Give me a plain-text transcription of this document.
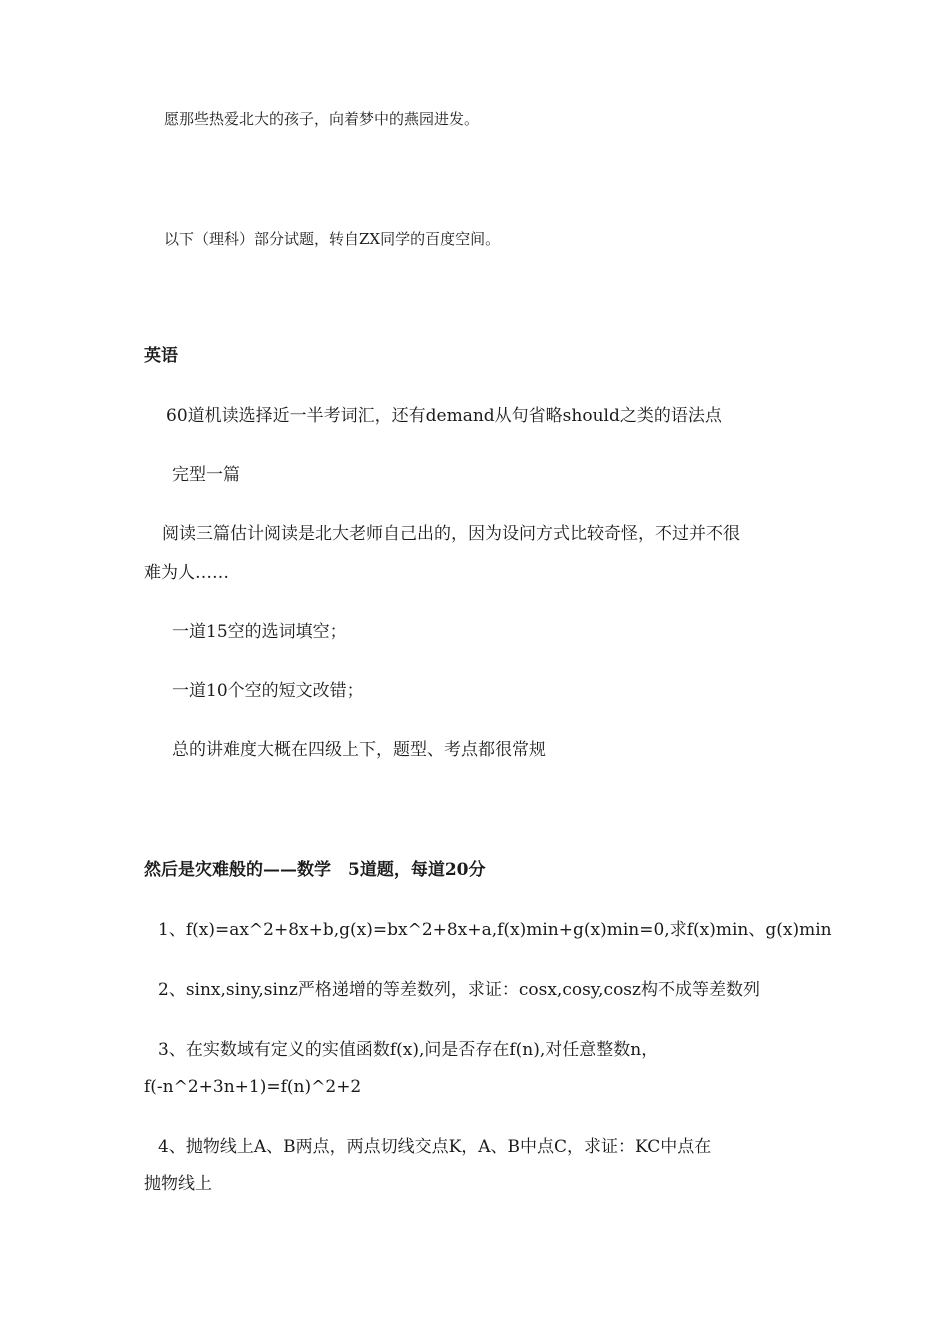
愿那些热爱北大的孩子，向着梦中的燕园进发。
以下（理科）部分试题，转自ZX同学的百度空间。
英语
60道机读选择近一半考词汇，还有demand从句省略should之类的语法点
完型一篇
阅读三篇估计阅读是北大老师自己出的，因为设问方式比较奇怪，不过并不很
难为人……
一道15空的选词填空；
一道10个空的短文改错；
总的讲难度大概在四级上下，题型、考点都很常规
然后是灾难般的——数学　5道题，每道20分
1、f(x)=ax^2+8x+b,g(x)=bx^2+8x+a,f(x)min+g(x)min=0,求f(x)min、g(x)min
2、sinx,siny,sinz严格递增的等差数列，求证：cosx,cosy,cosz构不成等差数列
3、在实数域有定义的实值函数f(x),问是否存在f(n),对任意整数n，
f(-n^2+3n+1)=f(n)^2+2
4、抛物线上A、B两点，两点切线交点K，A、B中点C，求证：KC中点在
抛物线上
